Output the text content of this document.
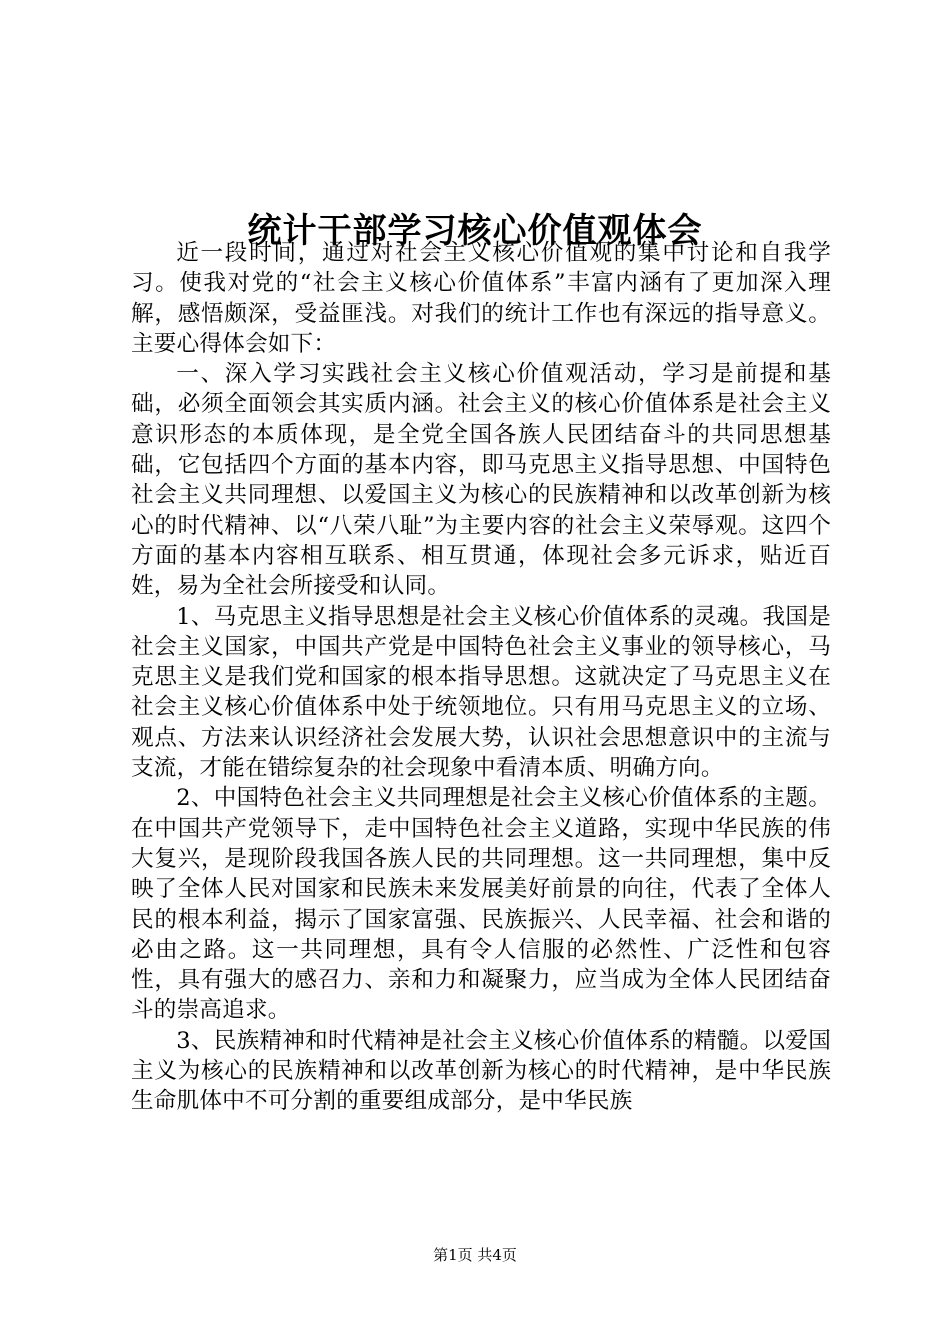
统计干部学习核心价值观体会

近一段时间，通过对社会主义核心价值观的集中讨论和自我学习。使我对党的“社会主义核心价值体系”丰富内涵有了更加深入理解，感悟颇深，受益匪浅。对我们的统计工作也有深远的指导意义。主要心得体会如下：

一、深入学习实践社会主义核心价值观活动，学习是前提和基础，必须全面领会其实质内涵。社会主义的核心价值体系是社会主义意识形态的本质体现，是全党全国各族人民团结奋斗的共同思想基础，它包括四个方面的基本内容，即马克思主义指导思想、中国特色社会主义共同理想、以爱国主义为核心的民族精神和以改革创新为核心的时代精神、以“八荣八耻”为主要内容的社会主义荣辱观。这四个方面的基本内容相互联系、相互贯通，体现社会多元诉求，贴近百姓，易为全社会所接受和认同。

1、马克思主义指导思想是社会主义核心价值体系的灵魂。我国是社会主义国家，中国共产党是中国特色社会主义事业的领导核心，马克思主义是我们党和国家的根本指导思想。这就决定了马克思主义在社会主义核心价值体系中处于统领地位。只有用马克思主义的立场、观点、方法来认识经济社会发展大势，认识社会思想意识中的主流与支流，才能在错综复杂的社会现象中看清本质、明确方向。

2、中国特色社会主义共同理想是社会主义核心价值体系的主题。在中国共产党领导下，走中国特色社会主义道路，实现中华民族的伟大复兴，是现阶段我国各族人民的共同理想。这一共同理想，集中反映了全体人民对国家和民族未来发展美好前景的向往，代表了全体人民的根本利益，揭示了国家富强、民族振兴、人民幸福、社会和谐的必由之路。这一共同理想，具有令人信服的必然性、广泛性和包容性，具有强大的感召力、亲和力和凝聚力，应当成为全体人民团结奋斗的崇高追求。

3、民族精神和时代精神是社会主义核心价值体系的精髓。以爱国主义为核心的民族精神和以改革创新为核心的时代精神，是中华民族生命肌体中不可分割的重要组成部分，是中华民族

第1页 共4页
